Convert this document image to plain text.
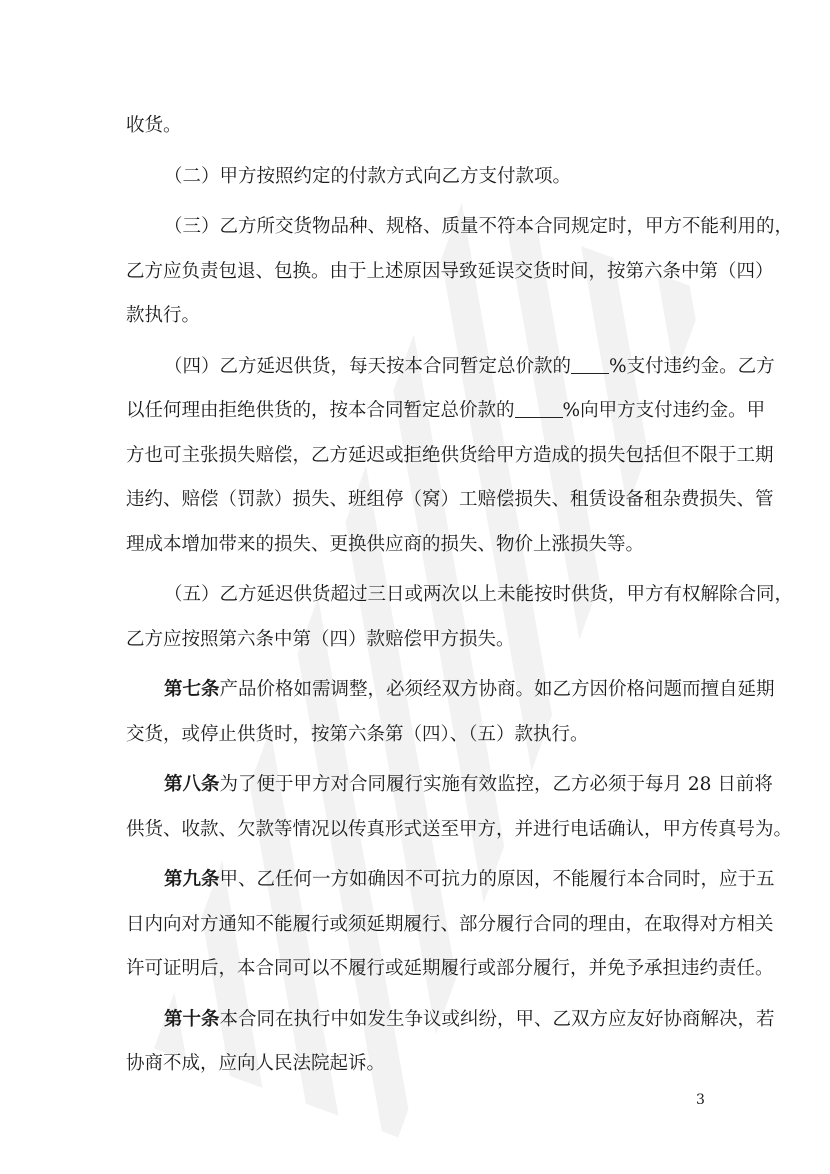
收货。
（二）甲方按照约定的付款方式向乙方支付款项。
（三）乙方所交货物品种、规格、质量不符本合同规定时，甲方不能利用的，
乙方应负责包退、包换。由于上述原因导致延误交货时间，按第六条中第（四）
款执行。
（四）乙方延迟供货，每天按本合同暂定总价款的 %支付违约金。乙方
以任何理由拒绝供货的，按本合同暂定总价款的	%向甲方支付违约金。甲
方也可主张损失赔偿，乙方延迟或拒绝供货给甲方造成的损失包括但不限于工期
违约、赔偿（罚款）损失、班组停（窝）工赔偿损失、租赁设备租杂费损失、管
理成本增加带来的损失、更换供应商的损失、物价上涨损失等。
（五）乙方延迟供货超过三日或两次以上未能按时供货，甲方有权解除合同，
乙方应按照第六条中第（四）款赔偿甲方损失。
第七条产品价格如需调整，必须经双方协商。如乙方因价格问题而擅自延期
交货，或停止供货时，按第六条第（四）、（五）款执行。
第八条为了便于甲方对合同履行实施有效监控，乙方必须于每月 28 日前将
供货、收款、欠款等情况以传真形式送至甲方，并进行电话确认，甲方传真号为。
第九条甲、乙任何一方如确因不可抗力的原因，不能履行本合同时，应于五
日内向对方通知不能履行或须延期履行、部分履行合同的理由，在取得对方相关
许可证明后，本合同可以不履行或延期履行或部分履行，并免予承担违约责任。
第十条本合同在执行中如发生争议或纠纷，甲、乙双方应友好协商解决，若
协商不成，应向人民法院起诉。
3
